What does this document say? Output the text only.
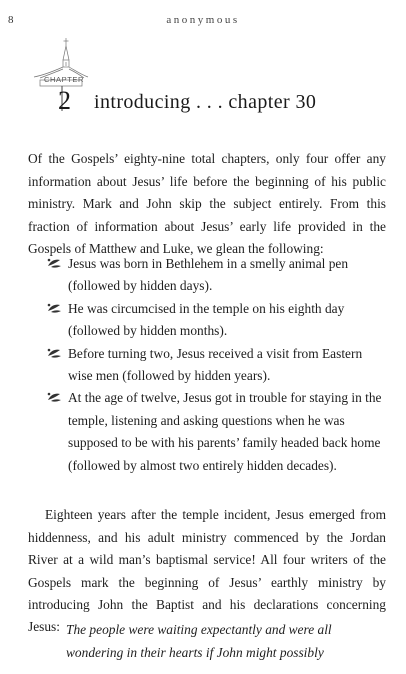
8	anonymous
CHAPTER
2 introducing . . . chapter 30

Of the Gospels’ eighty-nine total chapters, only four offer any information about Jesus’ life before the beginning of his public ministry. Mark and John skip the subject entirely. From this fraction of information about Jesus’ early life provided in the Gospels of Matthew and Luke, we glean the following:

Jesus was born in Bethlehem in a smelly animal pen (followed by hidden days).
He was circumcised in the temple on his eighth day (followed by hidden months).
Before turning two, Jesus received a visit from Eastern wise men (followed by hidden years).
At the age of twelve, Jesus got in trouble for staying in the temple, listening and asking questions when he was supposed to be with his parents’ family headed back home (followed by almost two entirely hidden decades).

Eighteen years after the temple incident, Jesus emerged from hiddenness, and his adult ministry commenced by the Jordan River at a wild man’s baptismal service! All four writers of the Gospels mark the beginning of Jesus’ earthly ministry by introducing John the Baptist and his declarations concerning Jesus: The people were waiting expectantly and were all wondering in their hearts if John might possibly
